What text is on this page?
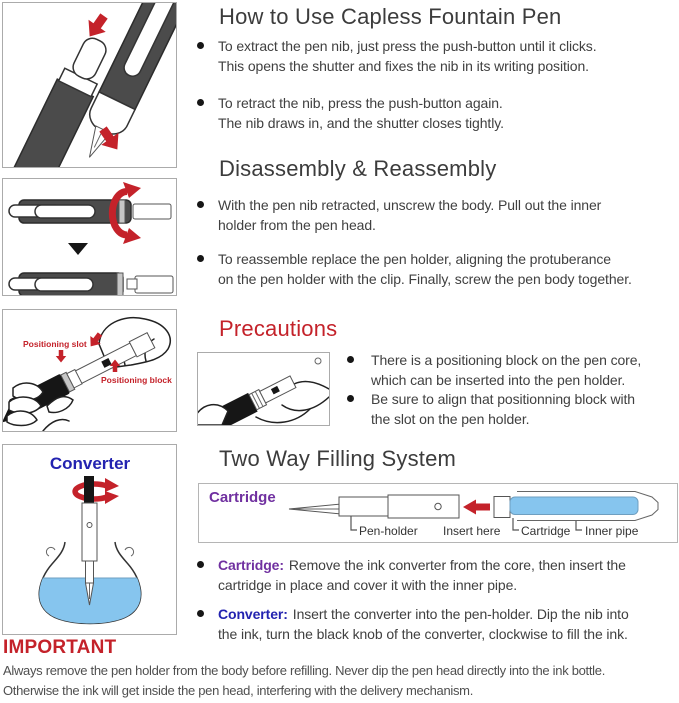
Positioning slot
Positioning block
Converter
How to Use Capless Fountain Pen
To extract the pen nib, just press the push-button until it clicks.
This opens the shutter and fixes the nib in its writing position.
To retract the nib, press the push-button again.
The nib draws in, and the shutter closes tightly.
Disassembly & Reassembly
With the pen nib retracted, unscrew the body. Pull out the inner
holder from the pen head.
To reassemble replace the pen holder, aligning the protuberance
on the pen holder with the clip. Finally, screw the pen body together.
Precautions
There is a positioning block on the pen core,
which can be inserted into the pen holder.
Be sure to align that positionning block with
the slot on the pen holder.
Two Way Filling System
Cartridge
Pen-holder Insert here Cartridge Inner pipe
Cartridge: Remove the ink converter from the core, then insert the
cartridge in place and cover it with the inner pipe.
Converter: Insert the converter into the pen-holder. Dip the nib into
the ink, turn the black knob of the converter, clockwise to fill the ink.
IMPORTANT
Always remove the pen holder from the body before refilling. Never dip the pen head directly into the ink bottle.
Otherwise the ink will get inside the pen head, interfering with the delivery mechanism.
